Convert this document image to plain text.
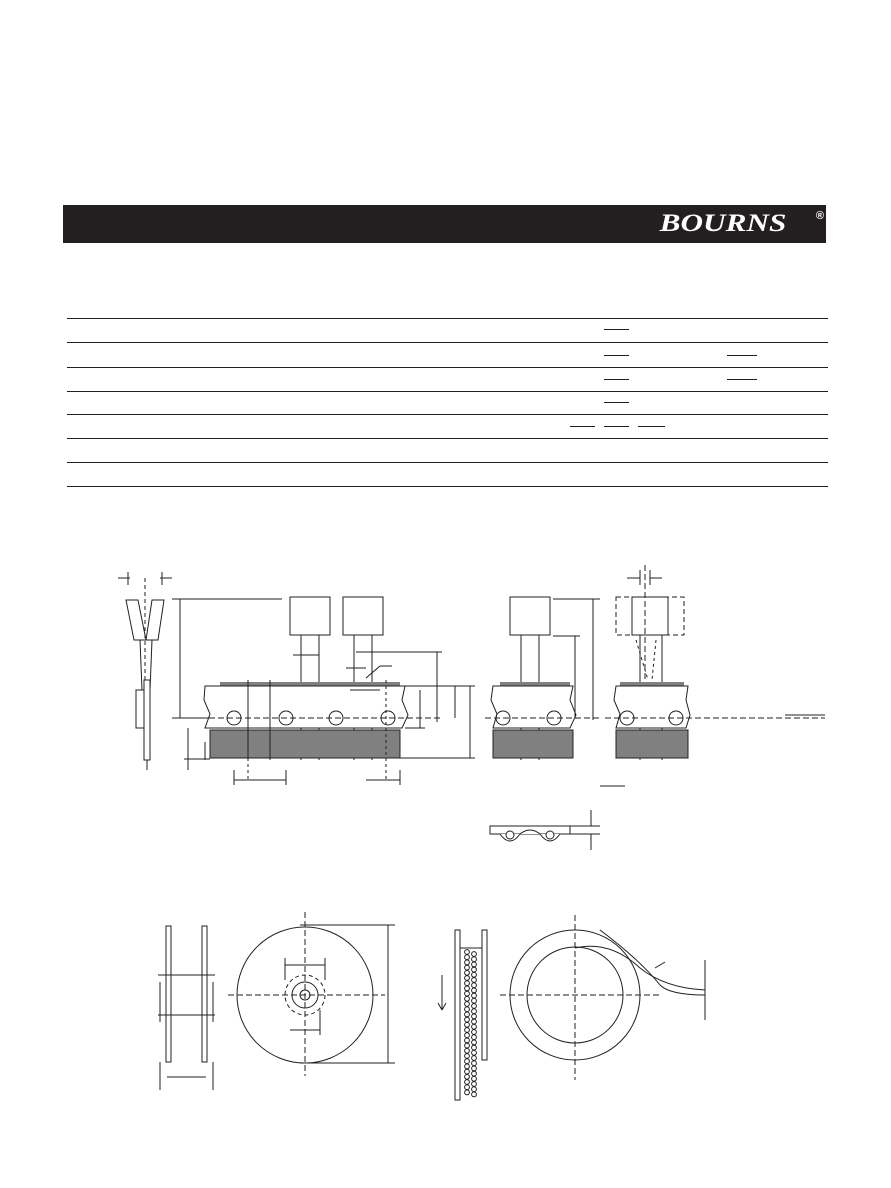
BOURNS	®
